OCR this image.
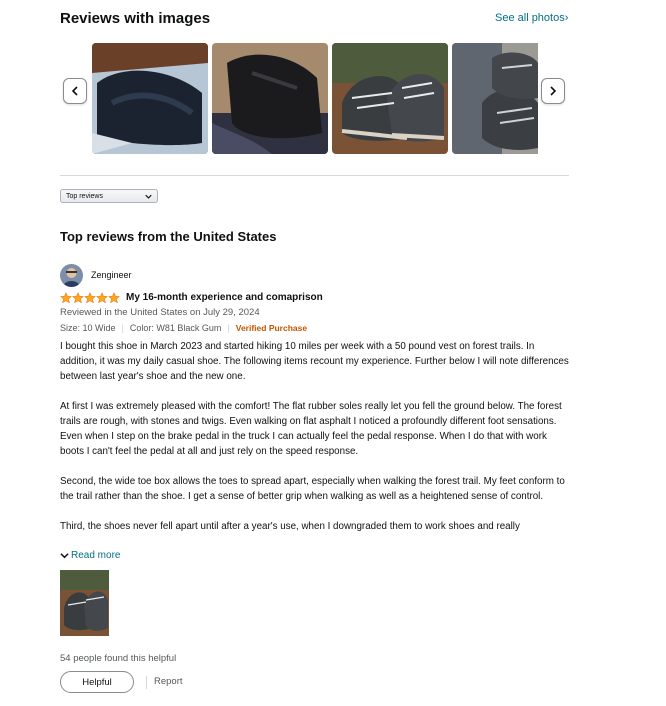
Reviews with images	See all photos›
Top reviews
Top reviews from the United States
Zengineer
My 16-month experience and comaprison
Reviewed in the United States on July 29, 2024
Size: 10 Wide | Color: W81 Black Gum | Verified Purchase

I bought this shoe in March 2023 and started hiking 10 miles per week with a 50 pound vest on forest trails. In addition, it was my daily casual shoe. The following items recount my experience. Further below I will note differences between last year's shoe and the new one.

At first I was extremely pleased with the comfort! The flat rubber soles really let you fell the ground below. The forest trails are rough, with stones and twigs. Even walking on flat asphalt I noticed a profoundly different foot sensations. Even when I step on the brake pedal in the truck I can actually feel the pedal response. When I do that with work boots I can't feel the pedal at all and just rely on the speed response.

Second, the wide toe box allows the toes to spread apart, especially when walking the forest trail. My feet conform to the trail rather than the shoe. I get a sense of better grip when walking as well as a heightened sense of control.

Third, the shoes never fell apart until after a year's use, when I downgraded them to work shoes and really

Read more
54 people found this helpful
Helpful	Report
